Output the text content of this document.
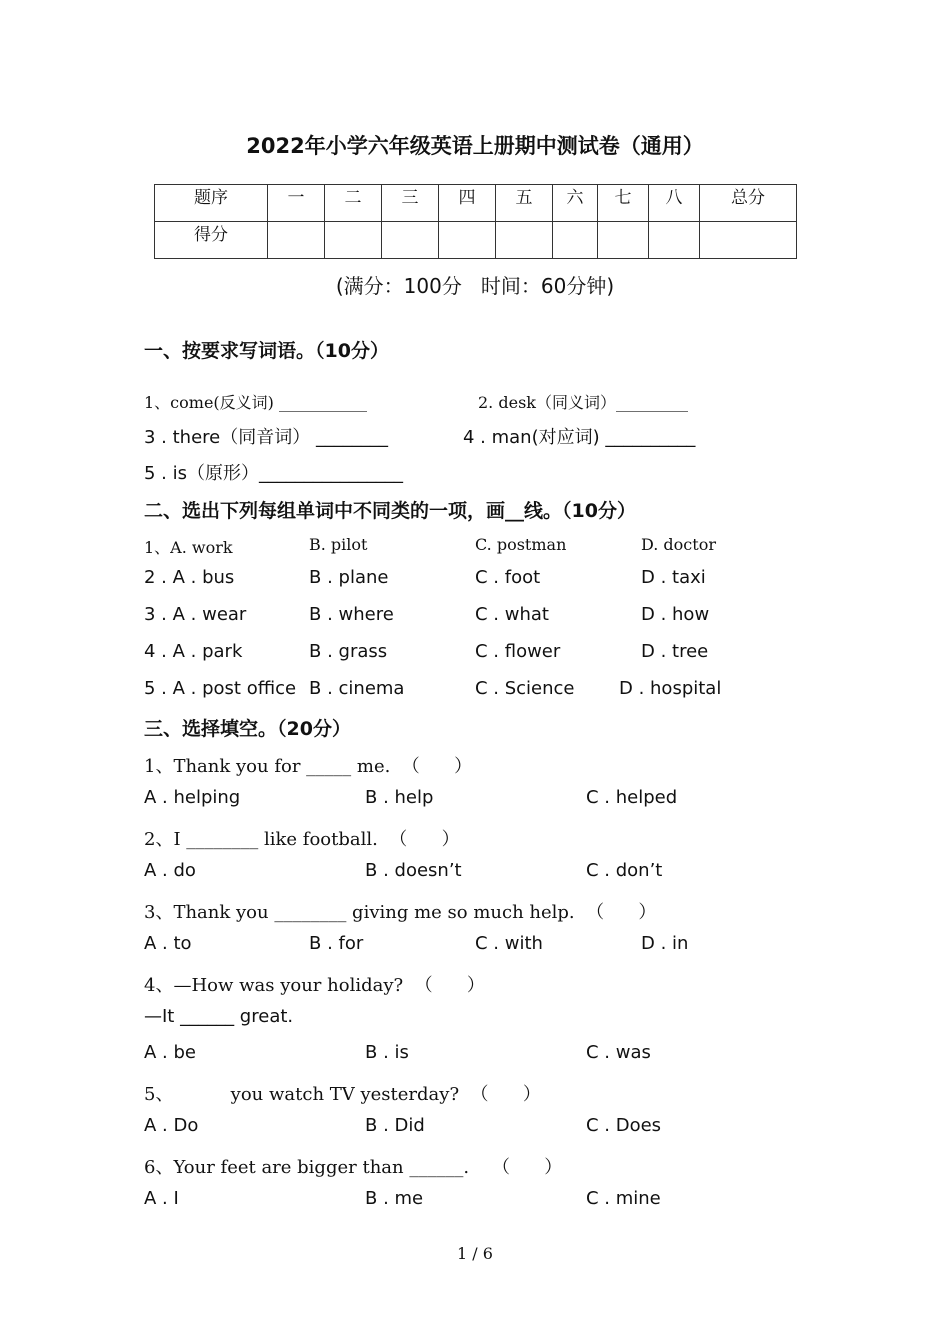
2022年小学六年级英语上册期中测试卷（通用）
题序	一	二	三	四	五	六	七	八	总分
得分									
(满分：100分   时间：60分钟)
一、按要求写词语。（10分）
1、come(反义词) ___________	2. desk（同义词）_________
3 . there（同音词） ________	4 . man(对应词) __________
5 . is（原形）________________
二、选出下列每组单词中不同类的一项，画__线。（10分）
1、A. work	B. pilot	C. postman	D. doctor
2 . A . bus	B . plane	C . foot	D . taxi
3 . A . wear	B . where	C . what	D . how
4 . A . park	B . grass	C . flower	D . tree
5 . A . post office B . cinema	C . Science D . hospital
三、选择填空。（20分）
1、Thank you for _____ me.  （      ）
A . helping	B . help	C . helped
2、I ________ like football.  （      ）
A . do	B . doesn’t	C . don’t
3、Thank you ________ giving me so much help.  （      ）
A . to	B . for	C . with	D . in
4、—How was your holiday?  （      ）
—It ______ great.
A . be	B . is	C . was
5、          you watch TV yesterday?  （      ）
A . Do	B . Did	C . Does
6、Your feet are bigger than ______.    （      ）
A . I	B . me	C . mine
1 / 6
